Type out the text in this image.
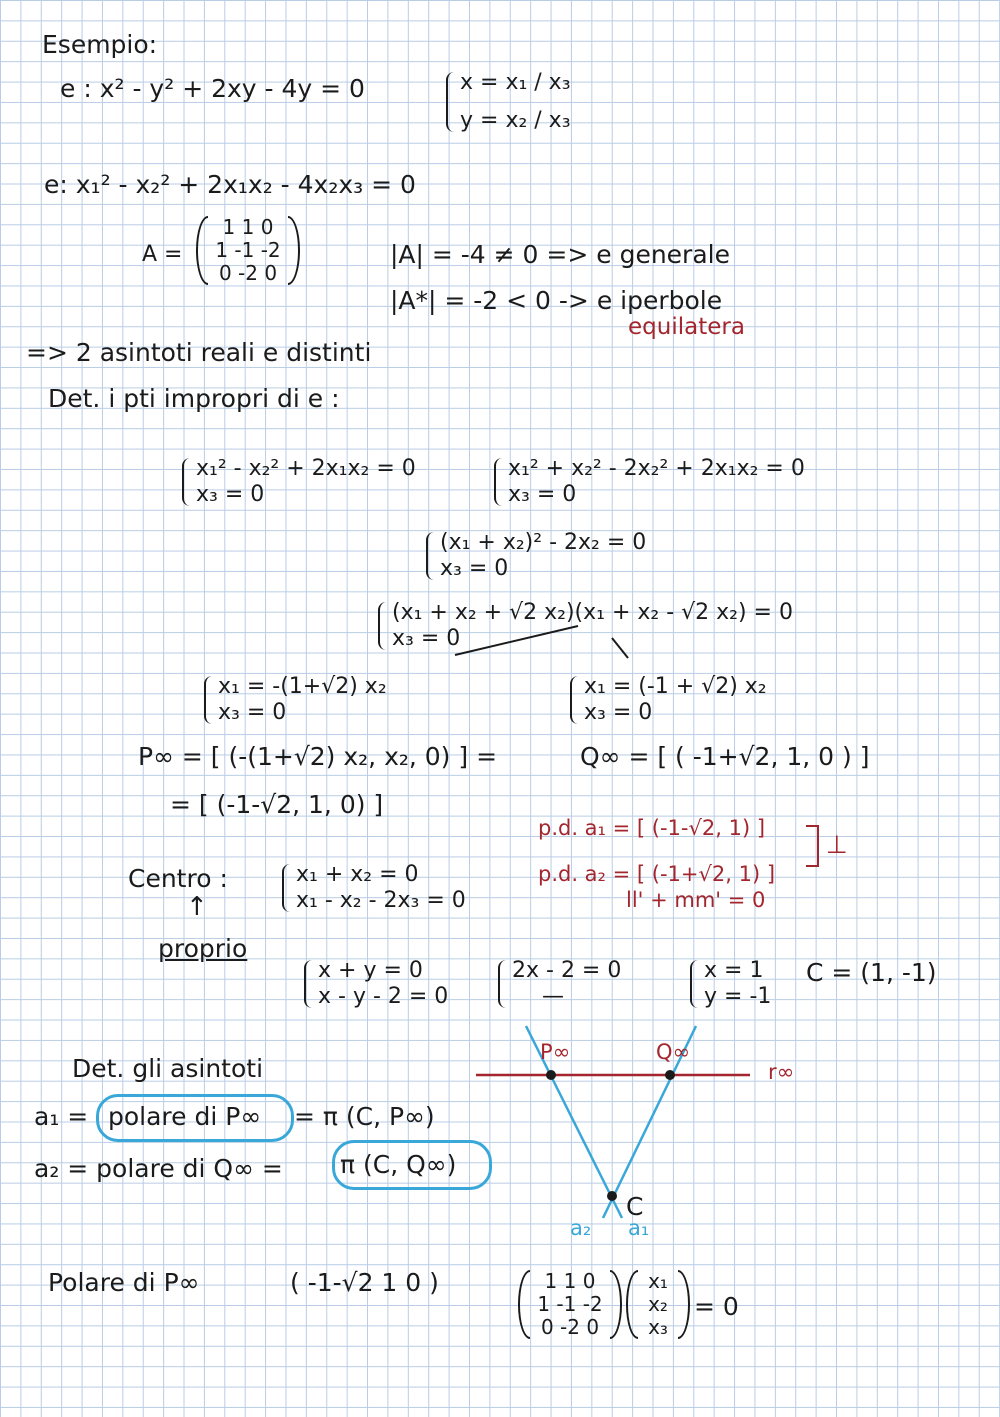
Esempio:
e : x² - y² + 2xy - 4y = 0	x = x₁ / x₃
y = x₂ / x₃
e: x₁² - x₂² + 2x₁x₂ - 4x₂x₃ = 0
A =
1 1 0
1 -1 -2
0 -2 0
|A| = -4 ≠ 0 => e generale
|A*| = -2 < 0 -> e iperbole
equilatera
=> 2 asintoti reali e distinti
Det. i pti impropri di e :
x₁² - x₂² + 2x₁x₂ = 0
x₃ = 0
x₁² + x₂² - 2x₂² + 2x₁x₂ = 0
x₃ = 0
(x₁ + x₂)² - 2x₂ = 0
x₃ = 0
(x₁ + x₂ + √2 x₂)(x₁ + x₂ - √2 x₂) = 0
x₃ = 0
x₁ = -(1+√2) x₂
x₃ = 0
x₁ = (-1 + √2) x₂
x₃ = 0
P∞ = [ (-(1+√2) x₂, x₂, 0) ] =
= [ (-1-√2, 1, 0) ]
Q∞ = [ ( -1+√2, 1, 0 ) ]
p.d. a₁ = [ (-1-√2, 1) ]
p.d. a₂ = [ (-1+√2, 1) ]
⊥
ll' + mm' = 0
Centro :	x₁ + x₂ = 0
x₁ - x₂ - 2x₃ = 0
↑
proprio
x + y = 0
x - y - 2 = 0
2x - 2 = 0
—
x = 1
y = -1
C = (1, -1)
Det. gli asintoti
a₁ = polare di P∞ = π (C, P∞)
a₂ = polare di Q∞ = π (C, Q∞)
P∞	Q∞
r∞
C
a₂ a₁
Polare di P∞	( -1-√2 1 0 )	1 1 0
1 -1 -2
0 -2 0
x₁
x₂
x₃
= 0
